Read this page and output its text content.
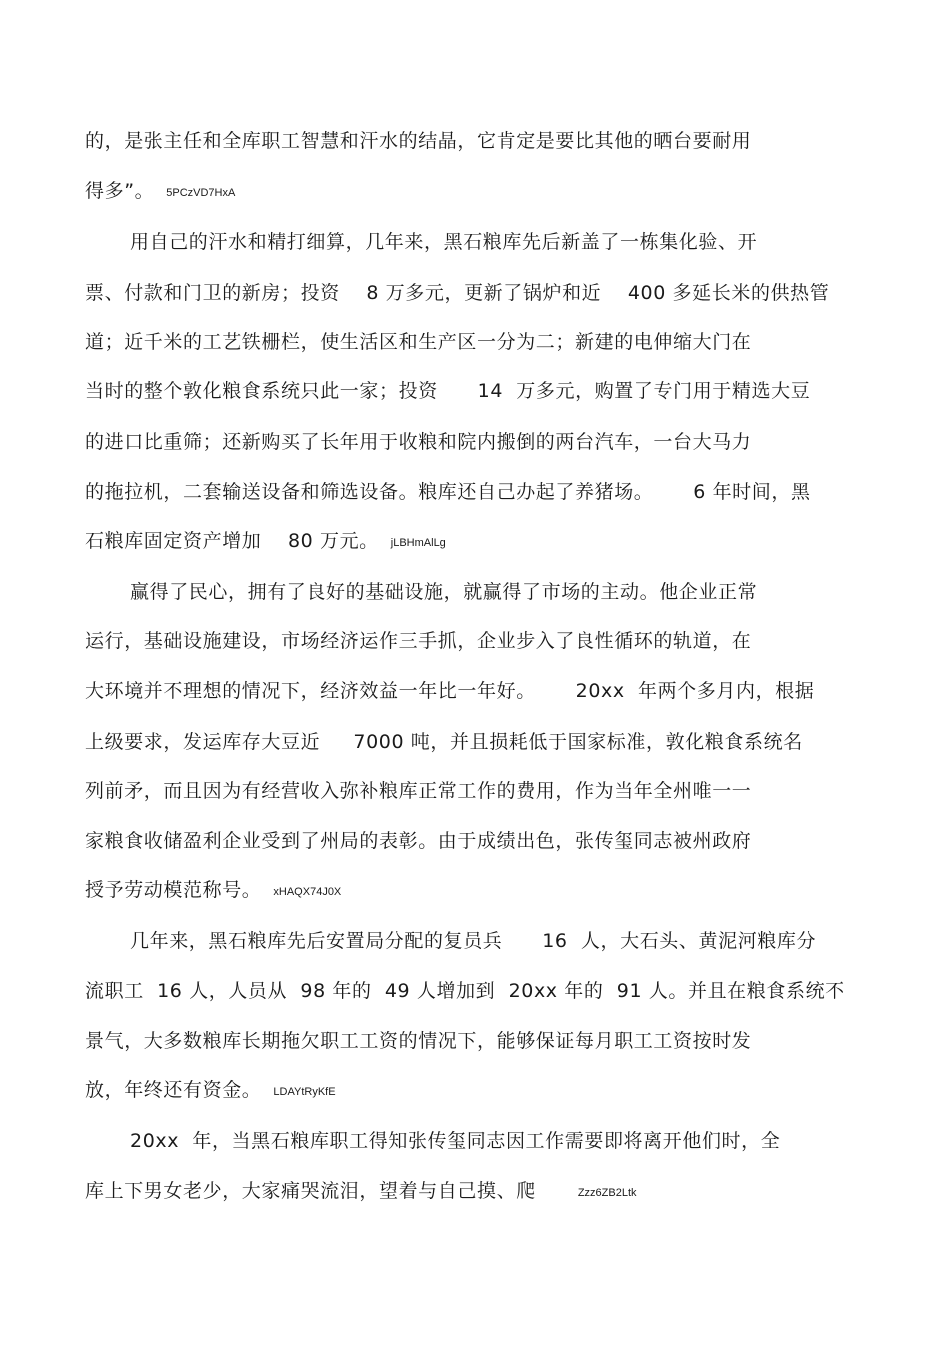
的，是张主任和全库职工智慧和汗水的结晶，它肯定是要比其他的晒台要耐用
得多”。 5PCzVD7HxA
用自己的汗水和精打细算，几年来，黑石粮库先后新盖了一栋集化验、开
票、付款和门卫的新房；投资    8 万多元，更新了锅炉和近    400 多延长米的供热管
道；近千米的工艺铁栅栏，使生活区和生产区一分为二；新建的电伸缩大门在
当时的整个敦化粮食系统只此一家；投资      14  万多元，购置了专门用于精选大豆
的进口比重筛；还新购买了长年用于收粮和院内搬倒的两台汽车，一台大马力
的拖拉机，二套输送设备和筛选设备。粮库还自己办起了养猪场。      6 年时间，黑
石粮库固定资产增加    80 万元。 jLBHmAlLg
赢得了民心，拥有了良好的基础设施，就赢得了市场的主动。他企业正常
运行，基础设施建设，市场经济运作三手抓，企业步入了良性循环的轨道，在
大环境并不理想的情况下，经济效益一年比一年好。      20xx  年两个多月内，根据
上级要求，发运库存大豆近     7000 吨，并且损耗低于国家标准，敦化粮食系统名
列前矛，而且因为有经营收入弥补粮库正常工作的费用，作为当年全州唯一一
家粮食收储盈利企业受到了州局的表彰。由于成绩出色，张传玺同志被州政府
授予劳动模范称号。 xHAQX74J0X
几年来，黑石粮库先后安置局分配的复员兵      16  人，大石头、黄泥河粮库分
流职工  16 人，人员从  98 年的  49 人增加到  20xx 年的  91 人。并且在粮食系统不
景气，大多数粮库长期拖欠职工工资的情况下，能够保证每月职工工资按时发
放，年终还有资金。 LDAYtRyKfE
20xx  年，当黑石粮库职工得知张传玺同志因工作需要即将离开他们时，全
库上下男女老少，大家痛哭流泪，望着与自己摸、爬	Zzz6ZB2Ltk
